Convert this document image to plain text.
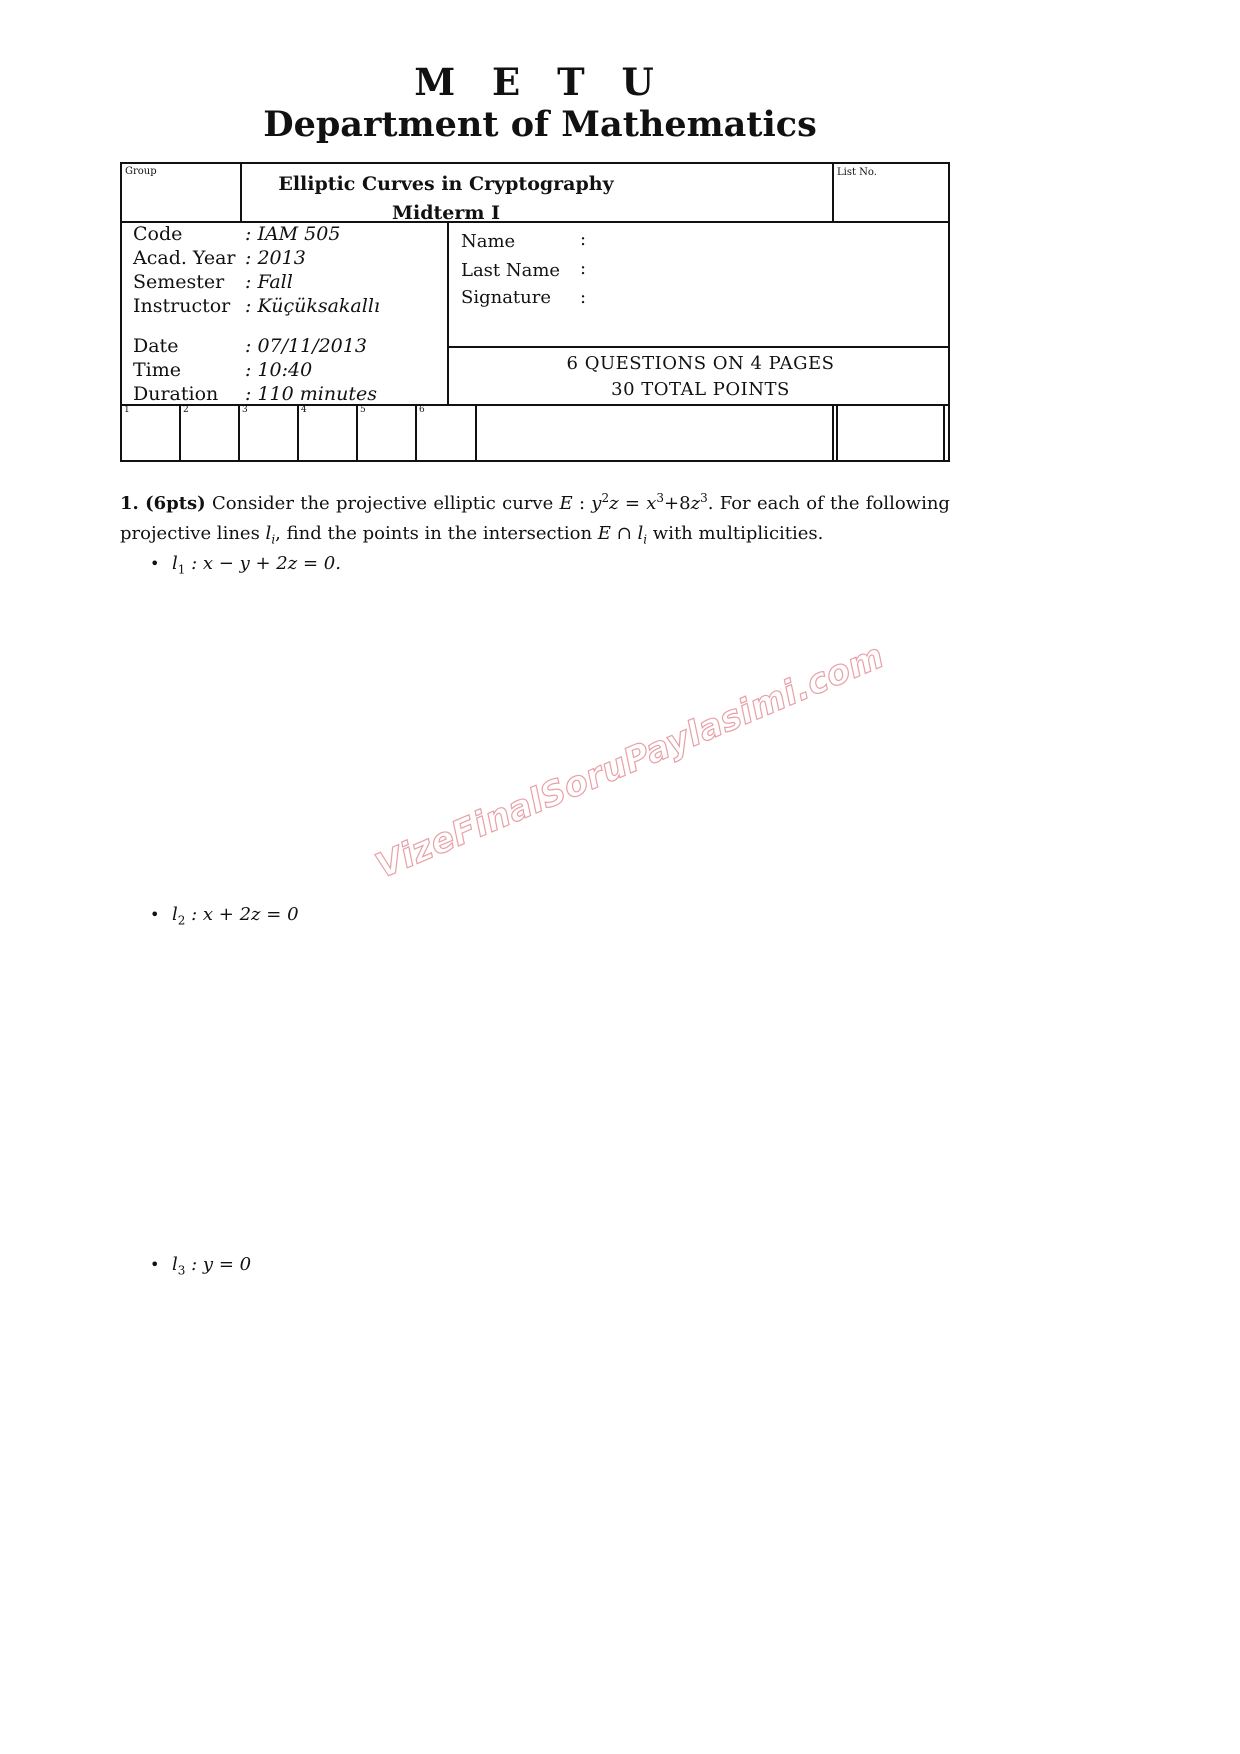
M E T U
Department of Mathematics
Group	List No.
Elliptic Curves in Cryptography
Midterm I
Code	: IAM 505
Acad. Year : 2013
Semester : Fall
Instructor : Küçüksakallı
Date	: 07/11/2013
Time	: 10:40
Duration : 110 minutes
Name	:
Last Name :
Signature :
6 QUESTIONS ON 4 PAGES
30 TOTAL POINTS
1	2	3	4	5	6
1. (6pts) Consider the projective elliptic curve E : $y^2z = x^3+8z^3$. For each of the following projective lines $l_i$, find the points in the intersection E ∩ $l_i$ with multiplicities.
• $l_1$ : x − y + 2z = 0.
• $l_2$ : x + 2z = 0
• $l_3$ : y = 0
VizeFinalSoruPaylasimi.com
